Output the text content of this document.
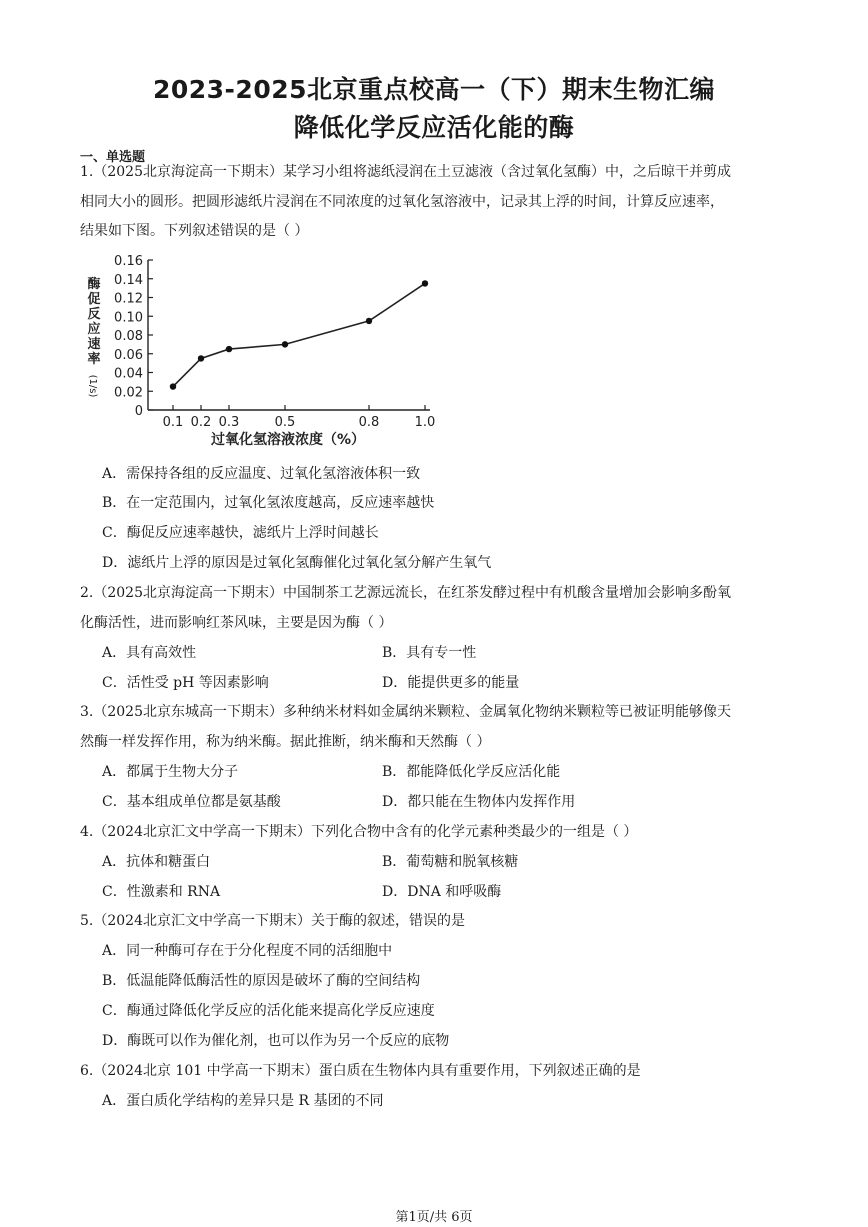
2023-2025北京重点校高一（下）期末生物汇编
降低化学反应活化能的酶
一、单选题
1.（2025北京海淀高一下期末）某学习小组将滤纸浸润在土豆滤液（含过氧化氢酶）中，之后晾干并剪成
相同大小的圆形。把圆形滤纸片浸润在不同浓度的过氧化氢溶液中，记录其上浮的时间，计算反应速率，
结果如下图。下列叙述错误的是（ ）
0
0.02
0.04
0.06
0.08
0.10
0.12
0.14
0.16
0.1 0.2 0.3	0.5	0.8	1.0
过氧化氢溶液浓度（%）
酶
促
反
应
速
率
(1/s)
A．需保持各组的反应温度、过氧化氢溶液体积一致
B．在一定范围内，过氧化氢浓度越高，反应速率越快
C．酶促反应速率越快，滤纸片上浮时间越长
D．滤纸片上浮的原因是过氧化氢酶催化过氧化氢分解产生氧气
2.（2025北京海淀高一下期末）中国制茶工艺源远流长，在红茶发酵过程中有机酸含量增加会影响多酚氧
化酶活性，进而影响红茶风味，主要是因为酶（ ）
A．具有高效性	B．具有专一性
C．活性受 pH 等因素影响	D．能提供更多的能量
3.（2025北京东城高一下期末）多种纳米材料如金属纳米颗粒、金属氧化物纳米颗粒等已被证明能够像天
然酶一样发挥作用，称为纳米酶。据此推断，纳米酶和天然酶（ ）
A．都属于生物大分子	B．都能降低化学反应活化能
C．基本组成单位都是氨基酸	D．都只能在生物体内发挥作用
4.（2024北京汇文中学高一下期末）下列化合物中含有的化学元素种类最少的一组是（ ）
A．抗体和糖蛋白	B．葡萄糖和脱氧核糖
C．性激素和 RNA	D．DNA 和呼吸酶
5.（2024北京汇文中学高一下期末）关于酶的叙述，错误的是
A．同一种酶可存在于分化程度不同的活细胞中
B．低温能降低酶活性的原因是破坏了酶的空间结构
C．酶通过降低化学反应的活化能来提高化学反应速度
D．酶既可以作为催化剂，也可以作为另一个反应的底物
6.（2024北京 101 中学高一下期末）蛋白质在生物体内具有重要作用，下列叙述正确的是
A．蛋白质化学结构的差异只是 R 基团的不同
第1页/共 6页
